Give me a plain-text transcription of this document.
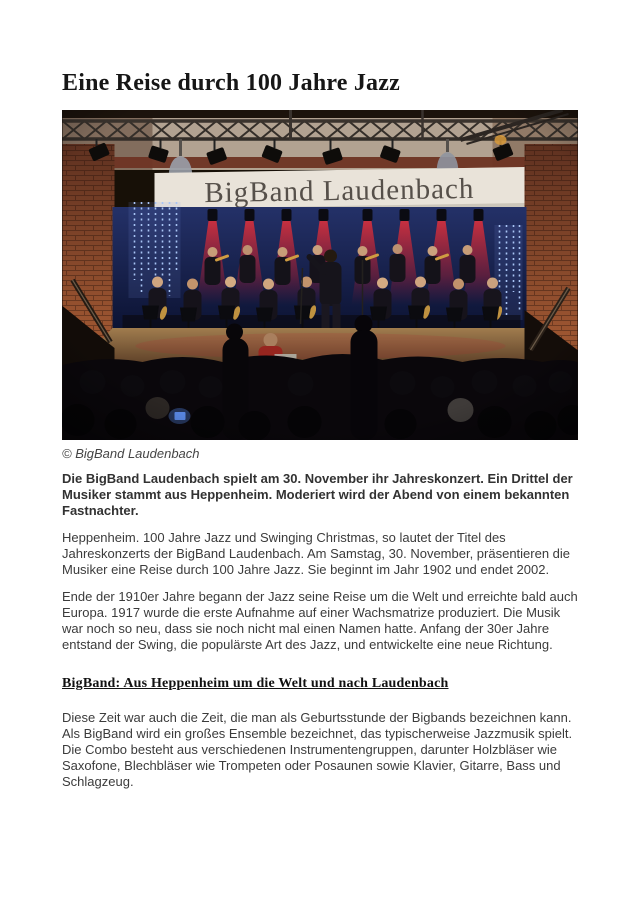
Eine Reise durch 100 Jahre Jazz
© BigBand Laudenbach

Die BigBand Laudenbach spielt am 30. November ihr Jahreskonzert. Ein Drittel der Musiker stammt aus Heppenheim. Moderiert wird der Abend von einem bekannten Fastnachter.

Heppenheim. 100 Jahre Jazz und Swinging Christmas, so lautet der Titel des Jahreskonzerts der BigBand Laudenbach. Am Samstag, 30. November, präsentieren die Musiker eine Reise durch 100 Jahre Jazz. Sie beginnt im Jahr 1902 und endet 2002.

Ende der 1910er Jahre begann der Jazz seine Reise um die Welt und erreichte bald auch Europa. 1917 wurde die erste Aufnahme auf einer Wachsmatrize produziert. Die Musik war noch so neu, dass sie noch nicht mal einen Namen hatte. Anfang der 30er Jahre entstand der Swing, die populärste Art des Jazz, und entwickelte eine neue Richtung.

BigBand: Aus Heppenheim um die Welt und nach Laudenbach

Diese Zeit war auch die Zeit, die man als Geburtsstunde der Bigbands bezeichnen kann. Als BigBand wird ein großes Ensemble bezeichnet, das typischerweise Jazzmusik spielt. Die Combo besteht aus verschiedenen Instrumentengruppen, darunter Holzbläser wie Saxofone, Blechbläser wie Trompeten oder Posaunen sowie Klavier, Gitarre, Bass und Schlagzeug.
